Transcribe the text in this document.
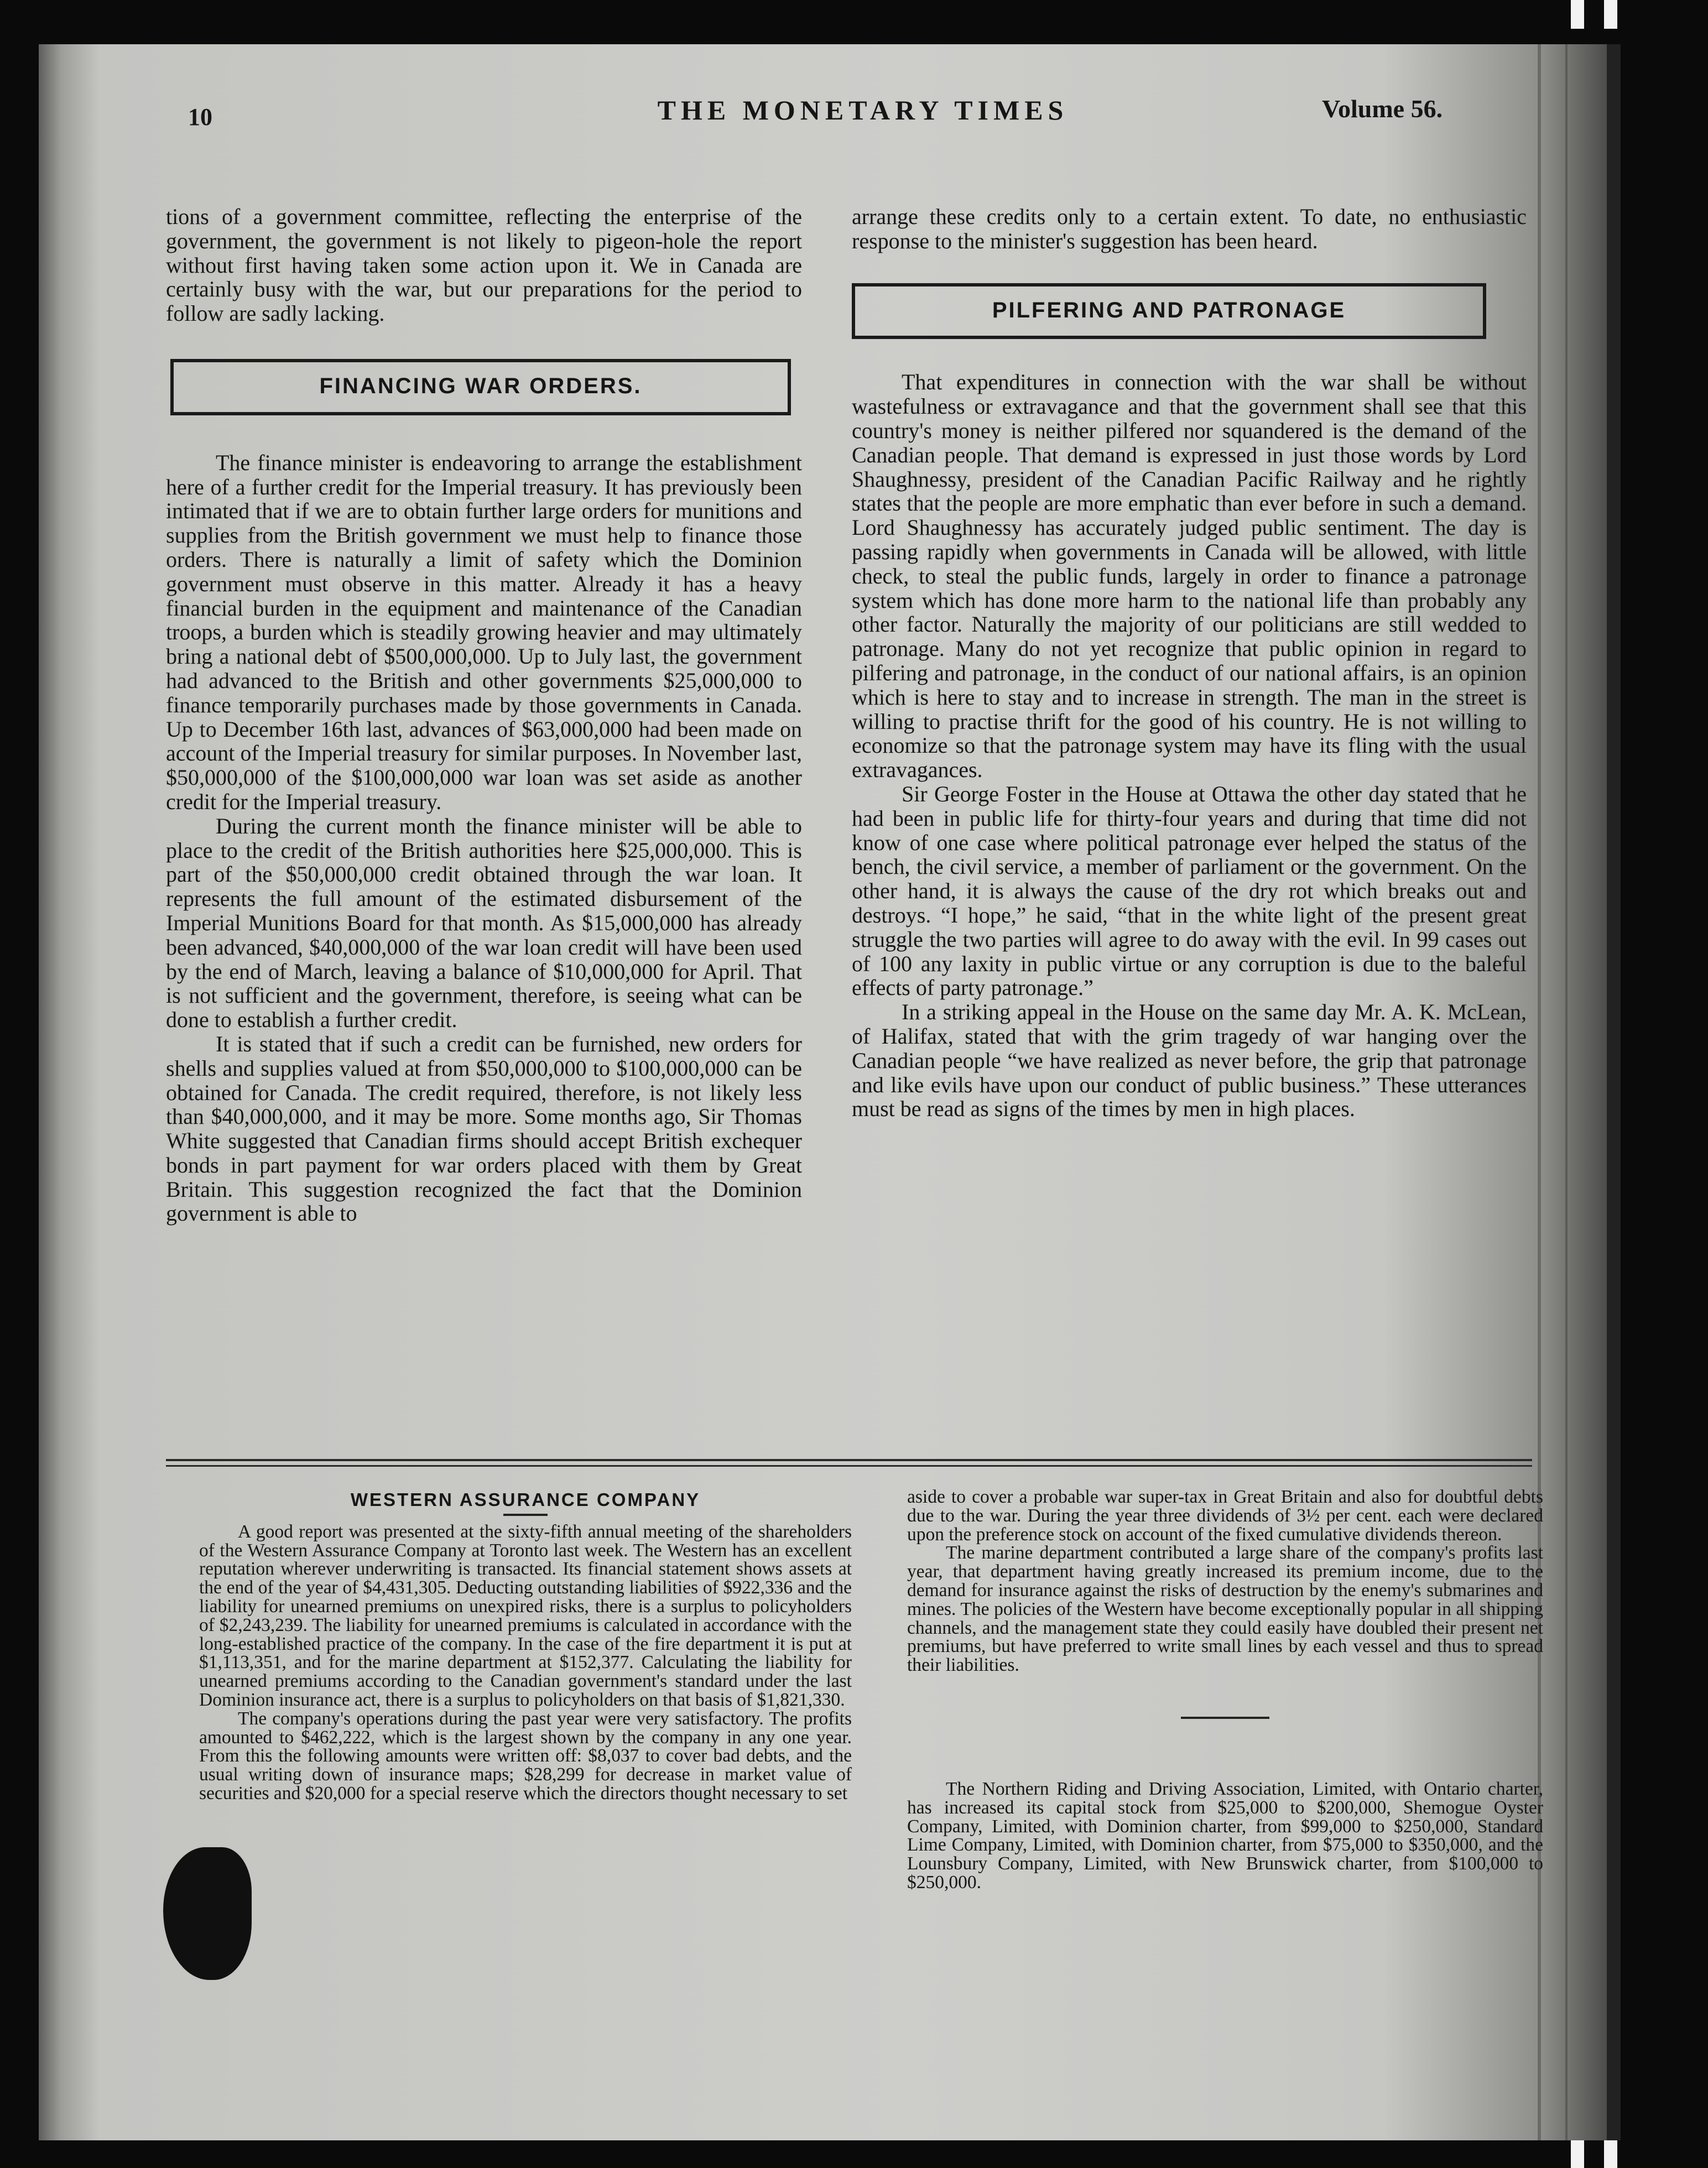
10	THE MONETARY TIMES	Volume 56.

tions of a government committee, reflecting the enterprise of the government, the government is not likely to pigeon-hole the report without first having taken some action upon it. We in Canada are certainly busy with the war, but our preparations for the period to follow are sadly lacking.

FINANCING WAR ORDERS.

The finance minister is endeavoring to arrange the establishment here of a further credit for the Imperial treasury. It has previously been intimated that if we are to obtain further large orders for munitions and supplies from the British government we must help to finance those orders. There is naturally a limit of safety which the Dominion government must observe in this matter. Already it has a heavy financial burden in the equipment and maintenance of the Canadian troops, a burden which is steadily growing heavier and may ultimately bring a national debt of $500,000,000. Up to July last, the government had advanced to the British and other governments $25,000,000 to finance temporarily purchases made by those governments in Canada. Up to December 16th last, advances of $63,000,000 had been made on account of the Imperial treasury for similar purposes. In November last, $50,000,000 of the $100,000,000 war loan was set aside as another credit for the Imperial treasury.

During the current month the finance minister will be able to place to the credit of the British authorities here $25,000,000. This is part of the $50,000,000 credit obtained through the war loan. It represents the full amount of the estimated disbursement of the Imperial Munitions Board for that month. As $15,000,000 has already been advanced, $40,000,000 of the war loan credit will have been used by the end of March, leaving a balance of $10,000,000 for April. That is not sufficient and the government, therefore, is seeing what can be done to establish a further credit.

It is stated that if such a credit can be furnished, new orders for shells and supplies valued at from $50,000,000 to $100,000,000 can be obtained for Canada. The credit required, therefore, is not likely less than $40,000,000, and it may be more. Some months ago, Sir Thomas White suggested that Canadian firms should accept British exchequer bonds in part payment for war orders placed with them by Great Britain. This suggestion recognized the fact that the Dominion government is able to

arrange these credits only to a certain extent. To date, no enthusiastic response to the minister's suggestion has been heard.

PILFERING AND PATRONAGE

That expenditures in connection with the war shall be without wastefulness or extravagance and that the government shall see that this country's money is neither pilfered nor squandered is the demand of the Canadian people. That demand is expressed in just those words by Lord Shaughnessy, president of the Canadian Pacific Railway and he rightly states that the people are more emphatic than ever before in such a demand. Lord Shaughnessy has accurately judged public sentiment. The day is passing rapidly when governments in Canada will be allowed, with little check, to steal the public funds, largely in order to finance a patronage system which has done more harm to the national life than probably any other factor. Naturally the majority of our politicians are still wedded to patronage. Many do not yet recognize that public opinion in regard to pilfering and patronage, in the conduct of our national affairs, is an opinion which is here to stay and to increase in strength. The man in the street is willing to practise thrift for the good of his country. He is not willing to economize so that the patronage system may have its fling with the usual extravagances.

Sir George Foster in the House at Ottawa the other day stated that he had been in public life for thirty-four years and during that time did not know of one case where political patronage ever helped the status of the bench, the civil service, a member of parliament or the government. On the other hand, it is always the cause of the dry rot which breaks out and destroys. “I hope,” he said, “that in the white light of the present great struggle the two parties will agree to do away with the evil. In 99 cases out of 100 any laxity in public virtue or any corruption is due to the baleful effects of party patronage.”

In a striking appeal in the House on the same day Mr. A. K. McLean, of Halifax, stated that with the grim tragedy of war hanging over the Canadian people “we have realized as never before, the grip that patronage and like evils have upon our conduct of public business.” These utterances must be read as signs of the times by men in high places.

WESTERN ASSURANCE COMPANY

A good report was presented at the sixty-fifth annual meeting of the shareholders of the Western Assurance Company at Toronto last week. The Western has an excellent reputation wherever underwriting is transacted. Its financial statement shows assets at the end of the year of $4,431,305. Deducting outstanding liabilities of $922,336 and the liability for unearned premiums on unexpired risks, there is a surplus to policyholders of $2,243,239. The liability for unearned premiums is calculated in accordance with the long-established practice of the company. In the case of the fire department it is put at $1,113,351, and for the marine department at $152,377. Calculating the liability for unearned premiums according to the Canadian government's standard under the last Dominion insurance act, there is a surplus to policyholders on that basis of $1,821,330.

The company's operations during the past year were very satisfactory. The profits amounted to $462,222, which is the largest shown by the company in any one year. From this the following amounts were written off: $8,037 to cover bad debts, and the usual writing down of insurance maps; $28,299 for decrease in market value of securities and $20,000 for a special reserve which the directors thought necessary to set

aside to cover a probable war super-tax in Great Britain and also for doubtful debts due to the war. During the year three dividends of 3½ per cent. each were declared upon the preference stock on account of the fixed cumulative dividends thereon.

The marine department contributed a large share of the company's profits last year, that department having greatly increased its premium income, due to the demand for insurance against the risks of destruction by the enemy's submarines and mines. The policies of the Western have become exceptionally popular in all shipping channels, and the management state they could easily have doubled their present net premiums, but have preferred to write small lines by each vessel and thus to spread their liabilities.

The Northern Riding and Driving Association, Limited, with Ontario charter, has increased its capital stock from $25,000 to $200,000, Shemogue Oyster Company, Limited, with Dominion charter, from $99,000 to $250,000, Standard Lime Company, Limited, with Dominion charter, from $75,000 to $350,000, and the Lounsbury Company, Limited, with New Brunswick charter, from $100,000 to $250,000.
